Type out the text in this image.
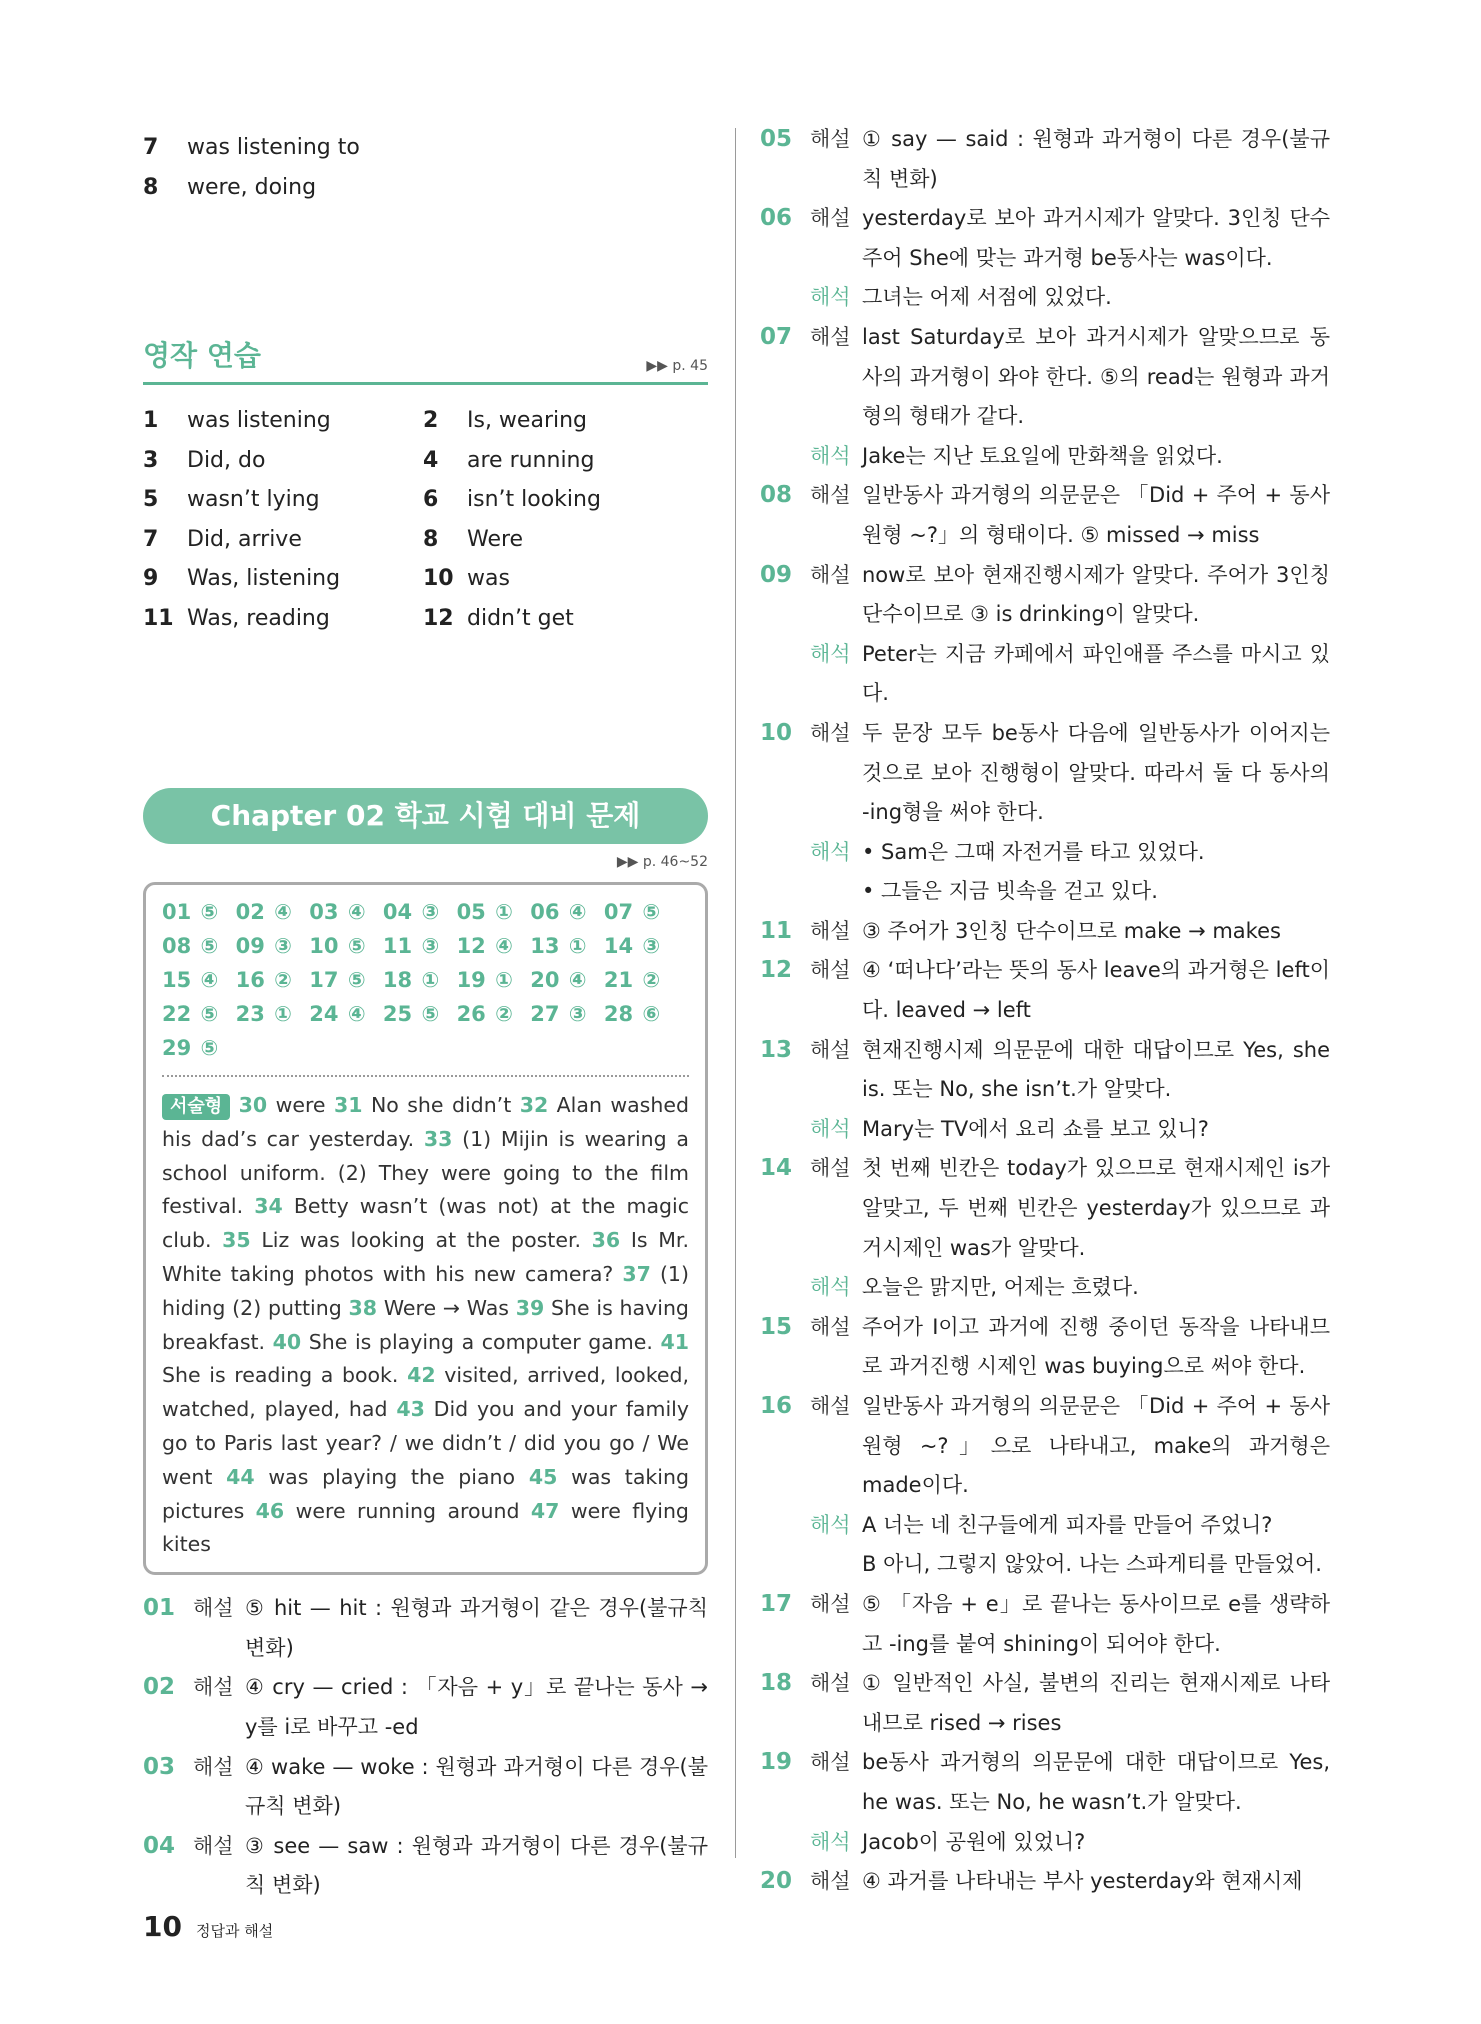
7	was listening to
8	were, doing
영작 연습	▶▶ p. 45
1	was listening	2	Is, wearing
3	Did, do	4	are running
5	wasn’t lying	6	isn’t looking
7	Did, arrive	8	Were
9	Was, listening	10 was
11 Was, reading	12 didn’t get
Chapter 02 학교 시험 대비 문제
▶▶ p. 46~52
01 ⑤ 02 ④ 03 ④ 04 ③ 05 ① 06 ④ 07 ⑤ 08 ⑤ 09 ③ 10 ⑤ 11 ③ 12 ④ 13 ① 14 ③ 15 ④ 16 ② 17 ⑤ 18 ① 19 ① 20 ④ 21 ② 22 ⑤ 23 ① 24 ④ 25 ⑤ 26 ② 27 ③ 28 ⑥ 29 ⑤
서술형 30 were 31 No she didn’t 32 Alan washed his dad’s car yesterday. 33 (1) Mijin is wearing a school uniform. (2) They were going to the film festival. 34 Betty wasn’t (was not) at the magic club. 35 Liz was looking at the poster. 36 Is Mr. White taking photos with his new camera? 37 (1) hiding (2) putting 38 Were → Was 39 She is having breakfast. 40 She is playing a computer game. 41 She is reading a book. 42 visited, arrived, looked, watched, played, had 43 Did you and your family go to Paris last year? / we didn’t / did you go / We went 44 was playing the piano 45 was taking pictures 46 were running around 47 were flying kites
01 해설 ⑤ hit — hit : 원형과 과거형이 같은 경우(불규칙 변화)
02 해설 ④ cry — cried : 「자음 + y」로 끝나는 동사 → y를 i로 바꾸고 -ed
03 해설 ④ wake — woke : 원형과 과거형이 다른 경우(불규칙 변화)
04 해설 ③ see — saw : 원형과 과거형이 다른 경우(불규칙 변화)
05 해설 ① say — said : 원형과 과거형이 다른 경우(불규칙 변화)
06 해설 yesterday로 보아 과거시제가 알맞다. 3인칭 단수 주어 She에 맞는 과거형 be동사는 was이다.
해석 그녀는 어제 서점에 있었다.
07 해설 last Saturday로 보아 과거시제가 알맞으므로 동사의 과거형이 와야 한다. ⑤의 read는 원형과 과거형의 형태가 같다.
해석 Jake는 지난 토요일에 만화책을 읽었다.
08 해설 일반동사 과거형의 의문문은 「Did + 주어 + 동사원형 ~?」의 형태이다. ⑤ missed → miss
09 해설 now로 보아 현재진행시제가 알맞다. 주어가 3인칭 단수이므로 ③ is drinking이 알맞다.
해석 Peter는 지금 카페에서 파인애플 주스를 마시고 있다.
10 해설 두 문장 모두 be동사 다음에 일반동사가 이어지는 것으로 보아 진행형이 알맞다. 따라서 둘 다 동사의 -ing형을 써야 한다.
해석 • Sam은 그때 자전거를 타고 있었다.
• 그들은 지금 빗속을 걷고 있다.
11 해설 ③ 주어가 3인칭 단수이므로 make → makes
12 해설 ④ ‘떠나다’라는 뜻의 동사 leave의 과거형은 left이다. leaved → left
13 해설 현재진행시제 의문문에 대한 대답이므로 Yes, she is. 또는 No, she isn’t.가 알맞다.
해석 Mary는 TV에서 요리 쇼를 보고 있니?
14 해설 첫 번째 빈칸은 today가 있으므로 현재시제인 is가 알맞고, 두 번째 빈칸은 yesterday가 있으므로 과거시제인 was가 알맞다.
해석 오늘은 맑지만, 어제는 흐렸다.
15 해설 주어가 I이고 과거에 진행 중이던 동작을 나타내므로 과거진행 시제인 was buying으로 써야 한다.
16 해설 일반동사 과거형의 의문문은 「Did + 주어 + 동사원형 ~?」으로 나타내고, make의 과거형은 made이다.
해석 A 너는 네 친구들에게 피자를 만들어 주었니?
B 아니, 그렇지 않았어. 나는 스파게티를 만들었어.
17 해설 ⑤ 「자음 + e」로 끝나는 동사이므로 e를 생략하고 -ing를 붙여 shining이 되어야 한다.
18 해설 ① 일반적인 사실, 불변의 진리는 현재시제로 나타내므로 rised → rises
19 해설 be동사 과거형의 의문문에 대한 대답이므로 Yes, he was. 또는 No, he wasn’t.가 알맞다.
해석 Jacob이 공원에 있었니?
20 해설 ④ 과거를 나타내는 부사 yesterday와 현재시제
10 정답과 해설
